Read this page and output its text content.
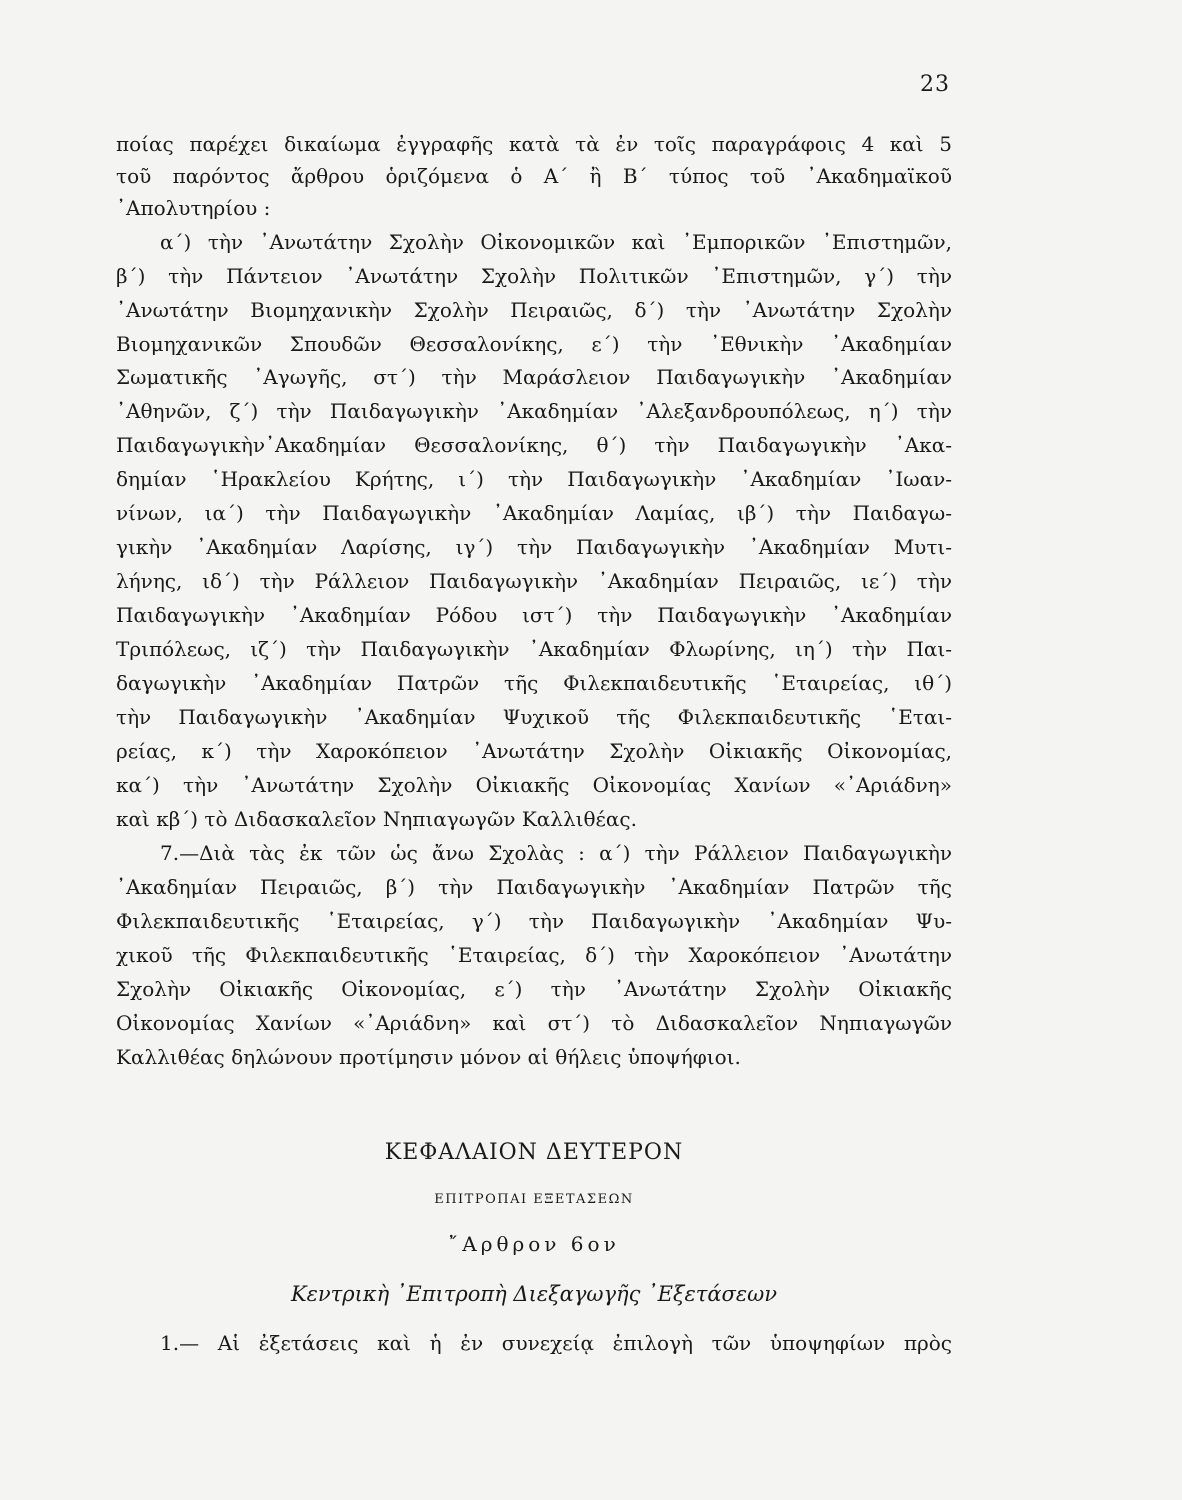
23
ποίας παρέχει δικαίωμα ἐγγραφῆς κατὰ τὰ ἐν τοῖς παραγράφοις 4 καὶ 5
τοῦ παρόντος ἄρθρου ὁριζόμενα ὁ Α΄ ἢ Β΄ τύπος τοῦ ᾿Ακαδημαϊκοῦ
᾿Απολυτηρίου :
α΄) τὴν ᾿Ανωτάτην Σχολὴν Οἰκονομικῶν καὶ ᾿Εμπορικῶν ᾿Επιστημῶν,
β΄) τὴν Πάντειον ᾿Ανωτάτην Σχολὴν Πολιτικῶν ᾿Επιστημῶν, γ΄) τὴν
᾿Ανωτάτην Βιομηχανικὴν Σχολὴν Πειραιῶς, δ΄) τὴν ᾿Ανωτάτην Σχολὴν
Βιομηχανικῶν Σπουδῶν Θεσσαλονίκης, ε΄) τὴν ᾿Εθνικὴν ᾿Ακαδημίαν
Σωματικῆς ᾿Αγωγῆς, στ΄) τὴν Μαράσλειον Παιδαγωγικὴν ᾿Ακαδημίαν
᾿Αθηνῶν, ζ΄) τὴν Παιδαγωγικὴν ᾿Ακαδημίαν ᾿Αλεξανδρουπόλεως, η΄) τὴν
Παιδαγωγικὴν᾿Ακαδημίαν Θεσσαλονίκης, θ΄) τὴν Παιδαγωγικὴν ᾿Ακα-
δημίαν ῾Ηρακλείου Κρήτης, ι΄) τὴν Παιδαγωγικὴν ᾿Ακαδημίαν ᾿Ιωαν-
νίνων, ια΄) τὴν Παιδαγωγικὴν ᾿Ακαδημίαν Λαμίας, ιβ΄) τὴν Παιδαγω-
γικὴν ᾿Ακαδημίαν Λαρίσης, ιγ΄) τὴν Παιδαγωγικὴν ᾿Ακαδημίαν Μυτι-
λήνης, ιδ΄) τὴν Ράλλειον Παιδαγωγικὴν ᾿Ακαδημίαν Πειραιῶς, ιε΄) τὴν
Παιδαγωγικὴν ᾿Ακαδημίαν Ρόδου ιστ΄) τὴν Παιδαγωγικὴν ᾿Ακαδημίαν
Τριπόλεως, ιζ΄) τὴν Παιδαγωγικὴν ᾿Ακαδημίαν Φλωρίνης, ιη΄) τὴν Παι-
δαγωγικὴν ᾿Ακαδημίαν Πατρῶν τῆς Φιλεκπαιδευτικῆς ῾Εταιρείας, ιθ΄)
τὴν Παιδαγωγικὴν ᾿Ακαδημίαν Ψυχικοῦ τῆς Φιλεκπαιδευτικῆς ῾Εται-
ρείας, κ΄) τὴν Χαροκόπειον ᾿Ανωτάτην Σχολὴν Οἰκιακῆς Οἰκονομίας,
κα΄) τὴν ᾿Ανωτάτην Σχολὴν Οἰκιακῆς Οἰκονομίας Χανίων «᾿Αριάδνη»
καὶ κβ΄) τὸ Διδασκαλεῖον Νηπιαγωγῶν Καλλιθέας.
7.—Διὰ τὰς ἐκ τῶν ὡς ἄνω Σχολὰς : α΄) τὴν Ράλλειον Παιδαγωγικὴν
᾿Ακαδημίαν Πειραιῶς, β΄) τὴν Παιδαγωγικὴν ᾿Ακαδημίαν Πατρῶν τῆς
Φιλεκπαιδευτικῆς ῾Εταιρείας, γ΄) τὴν Παιδαγωγικὴν ᾿Ακαδημίαν Ψυ-
χικοῦ τῆς Φιλεκπαιδευτικῆς ῾Εταιρείας, δ΄) τὴν Χαροκόπειον ᾿Ανωτάτην
Σχολὴν Οἰκιακῆς Οἰκονομίας, ε΄) τὴν ᾿Ανωτάτην Σχολὴν Οἰκιακῆς
Οἰκονομίας Χανίων «᾿Αριάδνη» καὶ στ΄) τὸ Διδασκαλεῖον Νηπιαγωγῶν
Καλλιθέας δηλώνουν προτίμησιν μόνον αἱ θήλεις ὑποψήφιοι.
ΚΕΦΑΛΑΙΟΝ ΔΕΥΤΕΡΟΝ
ΕΠΙΤΡΟΠΑΙ ΕΞΕΤΑΣΕΩΝ
῎Αρθρον 6ον
Κεντρικὴ ᾿Επιτροπὴ Διεξαγωγῆς ᾿Εξετάσεων
1.— Αἱ ἐξετάσεις καὶ ἡ ἐν συνεχείᾳ ἐπιλογὴ τῶν ὑποψηφίων πρὸς
